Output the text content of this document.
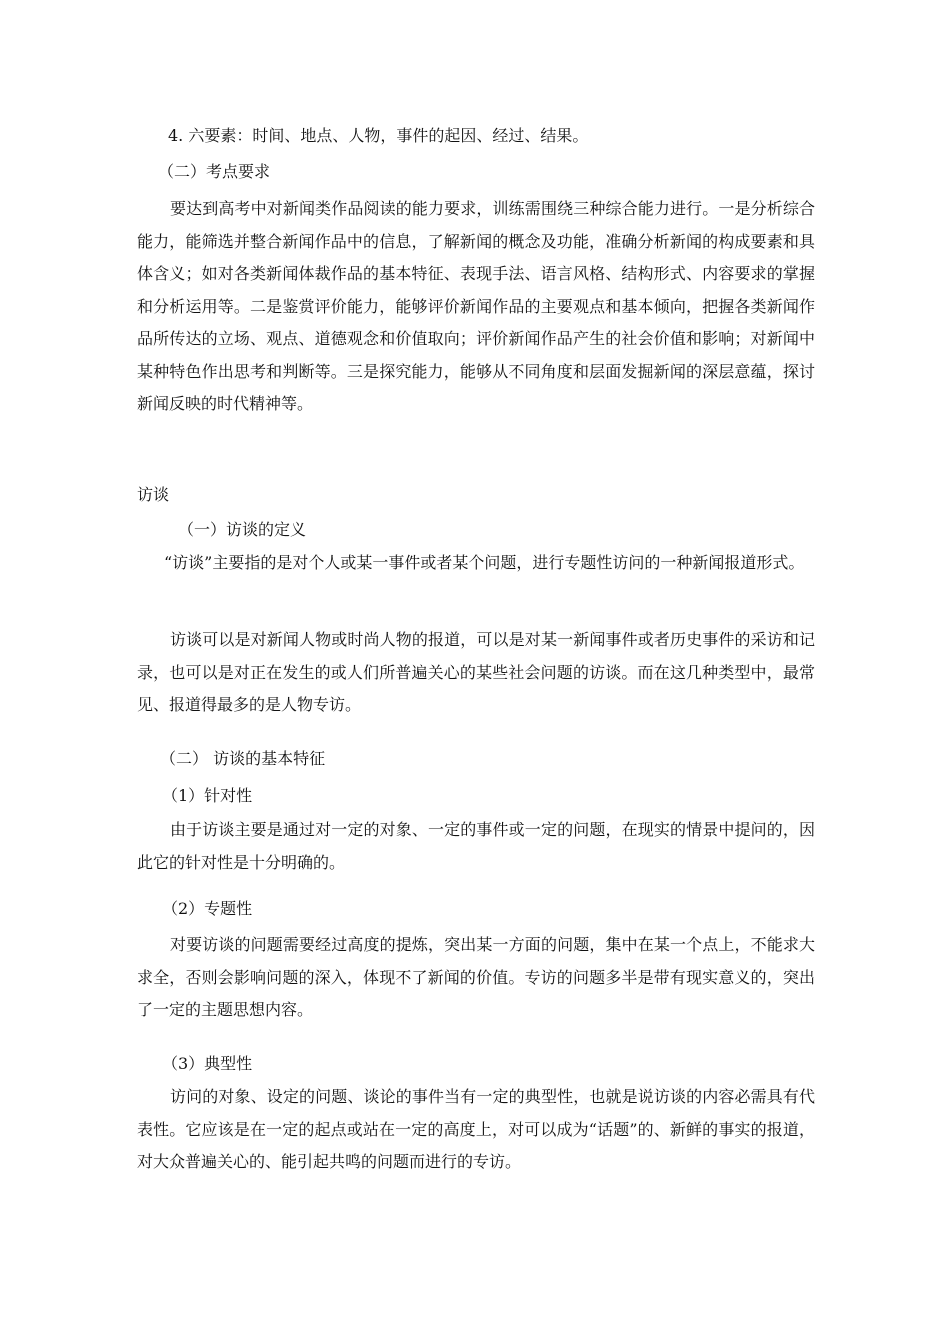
4. 六要素：时间、地点、人物，事件的起因、经过、结果。
（二）考点要求
要达到高考中对新闻类作品阅读的能力要求，训练需围绕三种综合能力进行。一是分析综合能力，能筛选并整合新闻作品中的信息，了解新闻的概念及功能，准确分析新闻的构成要素和具体含义；如对各类新闻体裁作品的基本特征、表现手法、语言风格、结构形式、内容要求的掌握和分析运用等。二是鉴赏评价能力，能够评价新闻作品的主要观点和基本倾向，把握各类新闻作品所传达的立场、观点、道德观念和价值取向；评价新闻作品产生的社会价值和影响；对新闻中某种特色作出思考和判断等。三是探究能力，能够从不同角度和层面发掘新闻的深层意蕴，探讨新闻反映的时代精神等。
访谈
（一）访谈的定义
“访谈”主要指的是对个人或某一事件或者某个问题，进行专题性访问的一种新闻报道形式。
访谈可以是对新闻人物或时尚人物的报道，可以是对某一新闻事件或者历史事件的采访和记录，也可以是对正在发生的或人们所普遍关心的某些社会问题的访谈。而在这几种类型中，最常见、报道得最多的是人物专访。
（二） 访谈的基本特征
（1）针对性
由于访谈主要是通过对一定的对象、一定的事件或一定的问题，在现实的情景中提问的，因此它的针对性是十分明确的。
（2）专题性
对要访谈的问题需要经过高度的提炼，突出某一方面的问题，集中在某一个点上，不能求大求全，否则会影响问题的深入，体现不了新闻的价值。专访的问题多半是带有现实意义的，突出了一定的主题思想内容。
（3）典型性
访问的对象、设定的问题、谈论的事件当有一定的典型性，也就是说访谈的内容必需具有代表性。它应该是在一定的起点或站在一定的高度上，对可以成为“话题”的、新鲜的事实的报道，对大众普遍关心的、能引起共鸣的问题而进行的专访。
